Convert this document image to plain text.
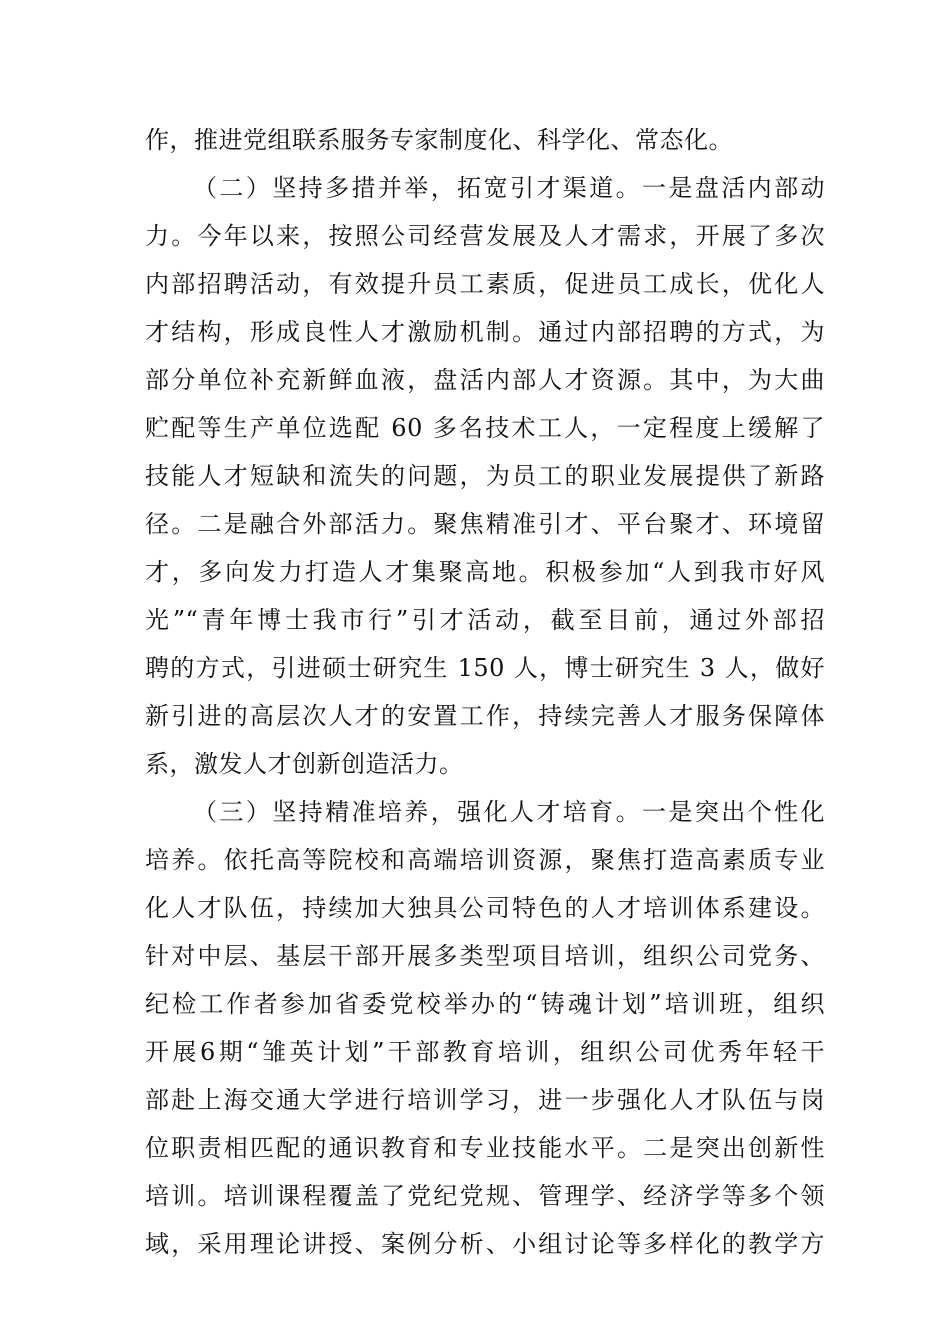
作，推进党组联系服务专家制度化、科学化、常态化。
（二）坚持多措并举，拓宽引才渠道。一是盘活内部动
力。今年以来，按照公司经营发展及人才需求，开展了多次
内部招聘活动，有效提升员工素质，促进员工成长，优化人
才结构，形成良性人才激励机制。通过内部招聘的方式，为
部分单位补充新鲜血液，盘活内部人才资源。其中，为大曲
贮配等生产单位选配 60 多名技术工人，一定程度上缓解了
技能人才短缺和流失的问题，为员工的职业发展提供了新路
径。二是融合外部活力。聚焦精准引才、平台聚才、环境留
才，多向发力打造人才集聚高地。积极参加“人到我市好风
光”“青年博士我市行”引才活动，截至目前，通过外部招
聘的方式，引进硕士研究生 150 人，博士研究生 3 人，做好
新引进的高层次人才的安置工作，持续完善人才服务保障体
系，激发人才创新创造活力。
（三）坚持精准培养，强化人才培育。一是突出个性化
培养。依托高等院校和高端培训资源，聚焦打造高素质专业
化人才队伍，持续加大独具公司特色的人才培训体系建设。
针对中层、基层干部开展多类型项目培训，组织公司党务、
纪检工作者参加省委党校举办的“铸魂计划”培训班，组织
开展6期“雏英计划”干部教育培训，组织公司优秀年轻干
部赴上海交通大学进行培训学习，进一步强化人才队伍与岗
位职责相匹配的通识教育和专业技能水平。二是突出创新性
培训。培训课程覆盖了党纪党规、管理学、经济学等多个领
域，采用理论讲授、案例分析、小组讨论等多样化的教学方
